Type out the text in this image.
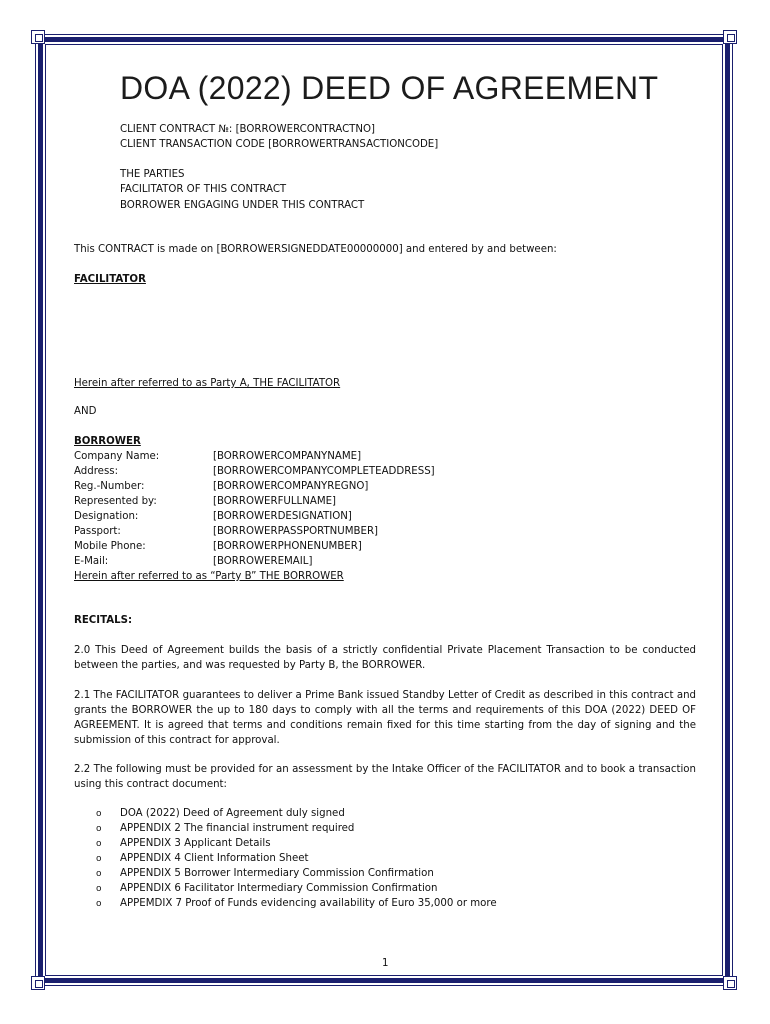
DOA (2022) DEED OF AGREEMENT
CLIENT CONTRACT №: [BORROWERCONTRACTNO]
CLIENT TRANSACTION CODE [BORROWERTRANSACTIONCODE]
THE PARTIES
FACILITATOR OF THIS CONTRACT
BORROWER ENGAGING UNDER THIS CONTRACT
This CONTRACT is made on [BORROWERSIGNEDDATE00000000] and entered by and between:
FACILITATOR
Herein after referred to as Party A, THE FACILITATOR
AND
BORROWER
Company Name:	[BORROWERCOMPANYNAME]
Address:	[BORROWERCOMPANYCOMPLETEADDRESS]
Reg.-Number:	[BORROWERCOMPANYREGNO]
Represented by:	[BORROWERFULLNAME]
Designation:	[BORROWERDESIGNATION]
Passport:	[BORROWERPASSPORTNUMBER]
Mobile Phone:	[BORROWERPHONENUMBER]
E-Mail:	[BORROWEREMAIL]
Herein after referred to as “Party B” THE BORROWER
RECITALS:
2.0 This Deed of Agreement builds the basis of a strictly confidential Private Placement Transaction to be conducted between the parties, and was requested by Party B, the BORROWER.
2.1 The FACILITATOR guarantees to deliver a Prime Bank issued Standby Letter of Credit as described in this contract and grants the BORROWER the up to 180 days to comply with all the terms and requirements of this DOA (2022) DEED OF AGREEMENT. It is agreed that terms and conditions remain fixed for this time starting from the day of signing and the submission of this contract for approval.
2.2 The following must be provided for an assessment by the Intake Officer of the FACILITATOR and to book a transaction using this contract document:
o DOA (2022) Deed of Agreement duly signed
o APPENDIX 2 The financial instrument required
o APPENDIX 3 Applicant Details
o APPENDIX 4 Client Information Sheet
o APPENDIX 5 Borrower Intermediary Commission Confirmation
o APPENDIX 6 Facilitator Intermediary Commission Confirmation
o APPEMDIX 7 Proof of Funds evidencing availability of Euro 35,000 or more
1
